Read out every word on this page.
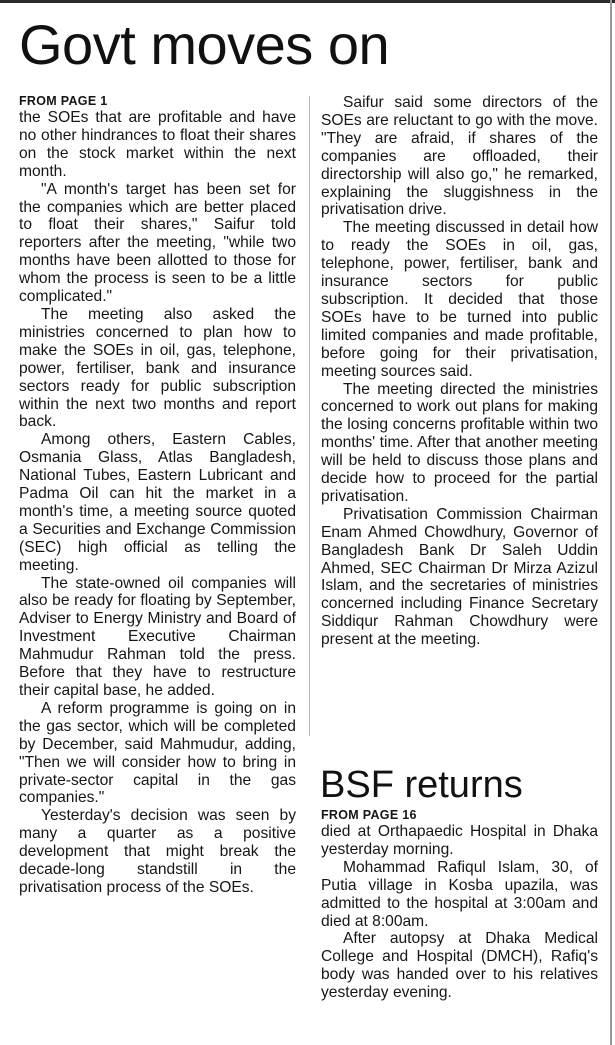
Govt moves on
FROM PAGE 1

the SOEs that are profitable and have no other hindrances to float their shares on the stock market within the next month.

"A month's target has been set for the companies which are better placed to float their shares," Saifur told reporters after the meeting, "while two months have been allotted to those for whom the process is seen to be a little complicated."

The meeting also asked the ministries concerned to plan how to make the SOEs in oil, gas, telephone, power, fertiliser, bank and insurance sectors ready for public subscription within the next two months and report back.

Among others, Eastern Cables, Osmania Glass, Atlas Bangladesh, National Tubes, Eastern Lubricant and Padma Oil can hit the market in a month's time, a meeting source quoted a Securities and Exchange Commission (SEC) high official as telling the meeting.

The state-owned oil companies will also be ready for floating by September, Adviser to Energy Ministry and Board of Investment Executive Chairman Mahmudur Rahman told the press. Before that they have to restructure their capital base, he added.

A reform programme is going on in the gas sector, which will be completed by December, said Mahmudur, adding, "Then we will consider how to bring in private-sector capital in the gas companies."

Yesterday's decision was seen by many a quarter as a positive development that might break the decade-long standstill in the privatisation process of the SOEs.

Saifur said some directors of the SOEs are reluctant to go with the move. "They are afraid, if shares of the companies are offloaded, their directorship will also go," he remarked, explaining the sluggishness in the privatisation drive.

The meeting discussed in detail how to ready the SOEs in oil, gas, telephone, power, fertiliser, bank and insurance sectors for public subscription. It decided that those SOEs have to be turned into public limited companies and made profitable, before going for their privatisation, meeting sources said.

The meeting directed the ministries concerned to work out plans for making the losing concerns profitable within two months' time. After that another meeting will be held to discuss those plans and decide how to proceed for the partial privatisation.

Privatisation Commission Chairman Enam Ahmed Chowdhury, Governor of Bangladesh Bank Dr Saleh Uddin Ahmed, SEC Chairman Dr Mirza Azizul Islam, and the secretaries of ministries concerned including Finance Secretary Siddiqur Rahman Chowdhury were present at the meeting.

BSF returns
FROM PAGE 16

died at Orthapaedic Hospital in Dhaka yesterday morning.

Mohammad Rafiqul Islam, 30, of Putia village in Kosba upazila, was admitted to the hospital at 3:00am and died at 8:00am.

After autopsy at Dhaka Medical College and Hospital (DMCH), Rafiq's body was handed over to his relatives yesterday evening.
